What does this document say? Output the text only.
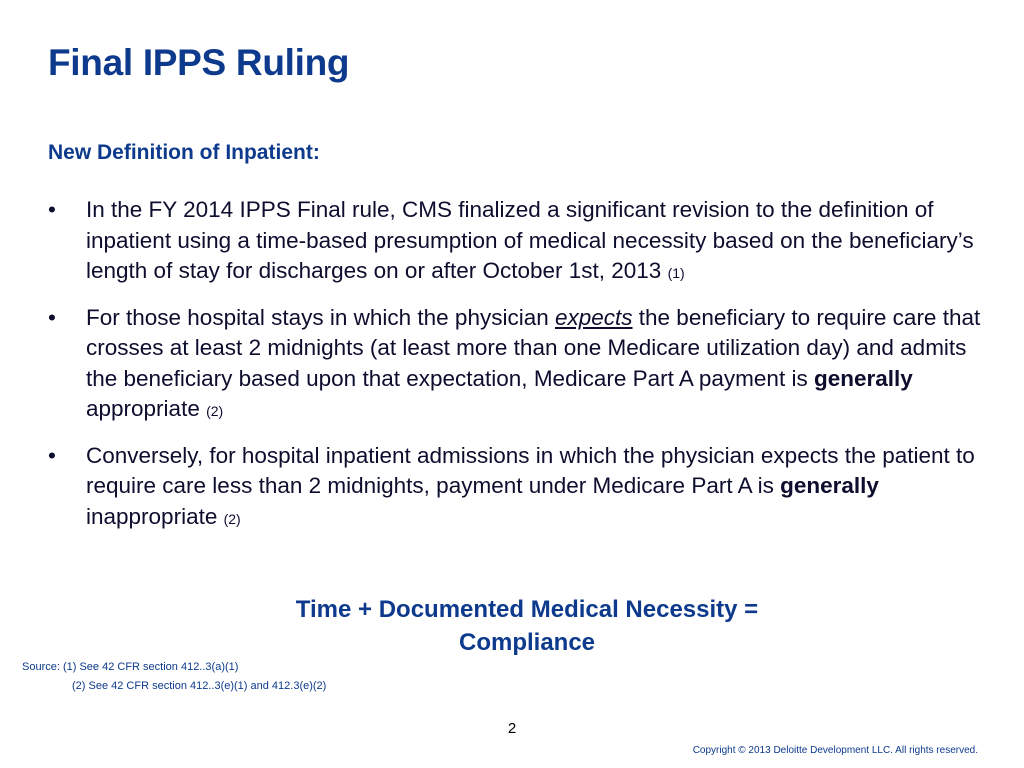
Final IPPS Ruling
New Definition of Inpatient:
•	In the FY 2014 IPPS Final rule, CMS finalized a significant revision to the definition of inpatient using a time-based presumption of medical necessity based on the beneficiary’s length of stay for discharges on or after October 1st, 2013 (1)
•	For those hospital stays in which the physician expects the beneficiary to require care that crosses at least 2 midnights (at least more than one Medicare utilization day) and admits the beneficiary based upon that expectation, Medicare Part A payment is generally appropriate (2)
•	Conversely, for hospital inpatient admissions in which the physician expects the patient to require care less than 2 midnights, payment under Medicare Part A is generally inappropriate (2)
Time + Documented Medical Necessity =
Compliance
Source: (1) See 42 CFR section 412..3(a)(1)
(2) See 42 CFR section 412..3(e)(1) and 412.3(e)(2)
2
Copyright © 2013 Deloitte Development LLC. All rights reserved.
